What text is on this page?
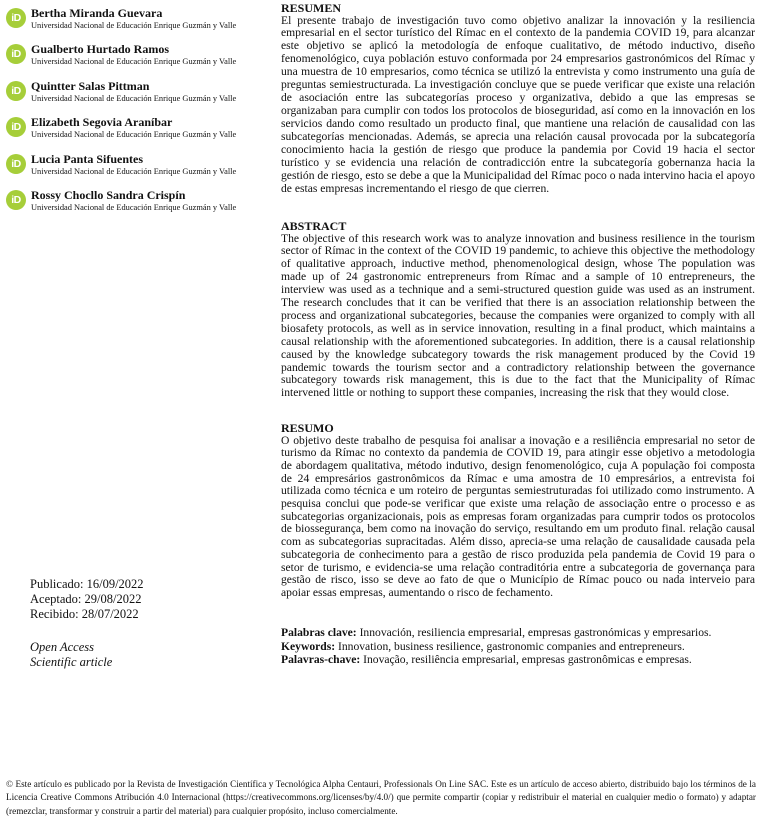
iD Bertha Miranda Guevara
Universidad Nacional de Educación Enrique Guzmán y Valle
iD Gualberto Hurtado Ramos
Universidad Nacional de Educación Enrique Guzmán y Valle
iD Quintter Salas Pittman
Universidad Nacional de Educación Enrique Guzmán y Valle
iD Elizabeth Segovia Araníbar
Universidad Nacional de Educación Enrique Guzmán y Valle
iD Lucia Panta Sifuentes
Universidad Nacional de Educación Enrique Guzmán y Valle
iD Rossy Chocllo Sandra Crispín
Universidad Nacional de Educación Enrique Guzmán y Valle
Publicado: 16/09/2022
Aceptado: 29/08/2022
Recibido: 28/07/2022
Open Access
Scientific article
RESUMEN

El presente trabajo de investigación tuvo como objetivo analizar la innovación y la resiliencia empresarial en el sector turístico del Rímac en el contexto de la pandemia COVID 19, para alcanzar este objetivo se aplicó la metodología de enfoque cualitativo, de método inductivo, diseño fenomenológico, cuya población estuvo conformada por 24 empresarios gastronómicos del Rímac y una muestra de 10 empresarios, como técnica se utilizó la entrevista y como instrumento una guía de preguntas semiestructurada. La investigación concluye que se puede verificar que existe una relación de asociación entre las subcategorías proceso y organizativa, debido a que las empresas se organizaban para cumplir con todos los protocolos de bioseguridad, así como en la innovación en los servicios dando como resultado un producto final, que mantiene una relación de causalidad con las subcategorías mencionadas. Además, se aprecia una relación causal provocada por la subcategoría conocimiento hacia la gestión de riesgo que produce la pandemia por Covid 19 hacia el sector turístico y se evidencia una relación de contradicción entre la subcategoría gobernanza hacia la gestión de riesgo, esto se debe a que la Municipalidad del Rímac poco o nada intervino hacia el apoyo de estas empresas incrementando el riesgo de que cierren.

ABSTRACT

The objective of this research work was to analyze innovation and business resilience in the tourism sector of Rímac in the context of the COVID 19 pandemic, to achieve this objective the methodology of qualitative approach, inductive method, phenomenological design, whose The population was made up of 24 gastronomic entrepreneurs from Rímac and a sample of 10 entrepreneurs, the interview was used as a technique and a semi-structured question guide was used as an instrument. The research concludes that it can be verified that there is an association relationship between the process and organizational subcategories, because the companies were organized to comply with all biosafety protocols, as well as in service innovation, resulting in a final product, which maintains a causal relationship with the aforementioned subcategories. In addition, there is a causal relationship caused by the knowledge subcategory towards the risk management produced by the Covid 19 pandemic towards the tourism sector and a contradictory relationship between the governance subcategory towards risk management, this is due to the fact that the Municipality of Rímac intervened little or nothing to support these companies, increasing the risk that they would close.

RESUMO

O objetivo deste trabalho de pesquisa foi analisar a inovação e a resiliência empresarial no setor de turismo da Rímac no contexto da pandemia de COVID 19, para atingir esse objetivo a metodologia de abordagem qualitativa, método indutivo, design fenomenológico, cuja A população foi composta de 24 empresários gastronômicos da Rímac e uma amostra de 10 empresários, a entrevista foi utilizada como técnica e um roteiro de perguntas semiestruturadas foi utilizado como instrumento. A pesquisa conclui que pode-se verificar que existe uma relação de associação entre o processo e as subcategorias organizacionais, pois as empresas foram organizadas para cumprir todos os protocolos de biossegurança, bem como na inovação do serviço, resultando em um produto final. relação causal com as subcategorias supracitadas. Além disso, aprecia-se uma relação de causalidade causada pela subcategoria de conhecimento para a gestão de risco produzida pela pandemia de Covid 19 para o setor de turismo, e evidencia-se uma relação contraditória entre a subcategoria de governança para gestão de risco, isso se deve ao fato de que o Município de Rímac pouco ou nada interveio para apoiar essas empresas, aumentando o risco de fechamento.

Palabras clave: Innovación, resiliencia empresarial, empresas gastronómicas y empresarios.
Keywords: Innovation, business resilience, gastronomic companies and entrepreneurs.
Palavras-chave: Inovação, resiliência empresarial, empresas gastronômicas e empresas.
© Este artículo es publicado por la Revista de Investigación Científica y Tecnológica Alpha Centauri, Professionals On Line SAC. Este es un artículo de acceso abierto, distribuido bajo los términos de la Licencia Creative Commons Atribución 4.0 Internacional (https://creativecommons.org/licenses/by/4.0/) que permite compartir (copiar y redistribuir el material en cualquier medio o formato) y adaptar (remezclar, transformar y construir a partir del material) para cualquier propósito, incluso comercialmente.
